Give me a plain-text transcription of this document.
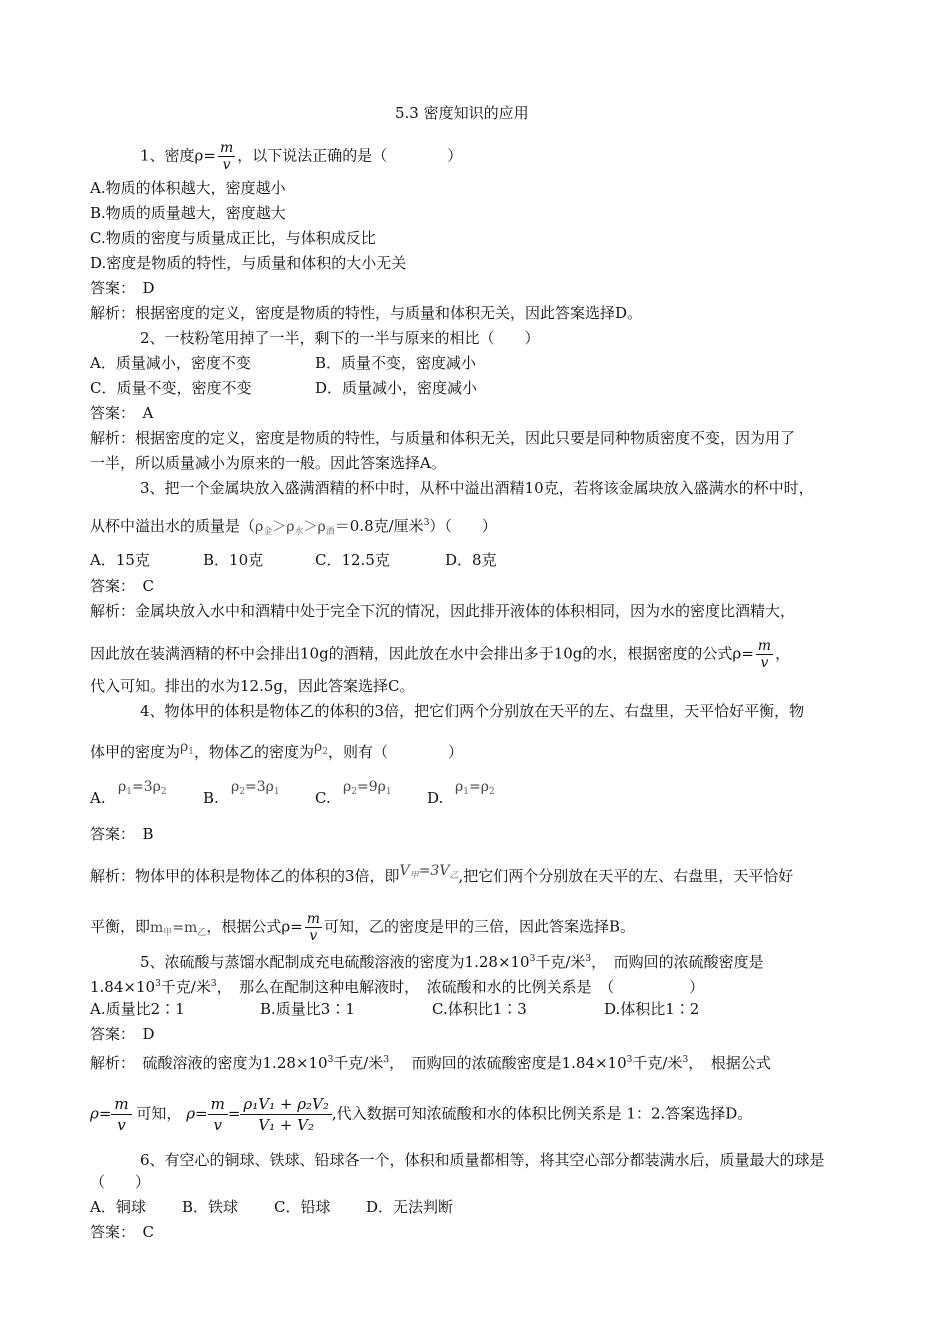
5.3 密度知识的应用
1、密度$\rho= \frac{m}{v}$ ，以下说法正确的是（　　　　）
A.物质的体积越大，密度越小
B.物质的质量越大，密度越大
C.物质的密度与质量成正比，与体积成反比
D.密度是物质的特性，与质量和体积的大小无关
答案：　D
解析：根据密度的定义，密度是物质的特性，与质量和体积无关，因此答案选择D。
2、一枝粉笔用掉了一半，剩下的一半与原来的相比（　　）
A．质量减小，密度不变	B．质量不变，密度减小
C．质量不变，密度不变	D．质量减小，密度减小
答案：　A
解析：根据密度的定义，密度是物质的特性，与质量和体积无关，因此只要是同种物质密度不变，因为用了
一半，所以质量减小为原来的一般。因此答案选择A。
3、把一个金属块放入盛满酒精的杯中时，从杯中溢出酒精10克，若将该金属块放入盛满水的杯中时，
从杯中溢出水的质量是（$\rho_金>\rho_水>\rho_酒=0.8$克/厘米$^3$）（　　）
A．15克	B．10克	C．12.5克	D．8克
答案：　C
解析：金属块放入水中和酒精中处于完全下沉的情况，因此排开液体的体积相同，因为水的密度比酒精大，
因此放在装满酒精的杯中会排出10g的酒精，因此放在水中会排出多于10g的水，根据密度的公式$\rho= \frac{m}{v}$ ，
代入可知。排出的水为12.5g，因此答案选择C。
4、物体甲的体积是物体乙的体积的3倍，把它们两个分别放在天平的左、右盘里，天平恰好平衡，物
体甲的密度为$\rho_1$，物体乙的密度为$\rho_2$，则有（　　　　）
A.
$\rho_1=3\rho_2$ B.
$\rho_2=3\rho_1$ C.
$\rho_2=9\rho_1$ D.
$\rho_1=\rho_2$
答案：　B
解析：物体甲的体积是物体乙的体积的3倍，即$V_甲=3V_乙$,把它们两个分别放在天平的左、右盘里，天平恰好
平衡，即$m_甲=m_乙$，根据公式$\rho= \frac{m}{v}$ 可知，乙的密度是甲的三倍，因此答案选择B。
5、浓硫酸与蒸馏水配制成充电硫酸溶液的密度为$1.28\times 10^3$千克/米$^3$，　而购回的浓硫酸密度是
$1.84\times 10^3$千克/米$^3$，　那么在配制这种电解液时，　浓硫酸和水的比例关系是　（　　　　　）
A.质量比2∶1	B.质量比3∶1	C.体积比1∶3	D.体积比1∶2
答案：　D
解析：　硫酸溶液的密度为$1.28\times 10^3$千克/米$^3$，　而购回的浓硫酸密度是$1.84\times 10^3$千克/米$^3$，　根据公式
$\rho= \frac{m}{v}$ 可知， $\rho= \frac{m}{v} = \frac{\text{ρ₁V₁ + ρ₂V₂}}{\text{V₁ + V₂}}$ ,代入数据可知浓硫酸和水的体积比例关系是 1：2.答案选择D。
6、有空心的铜球、铁球、铅球各一个，体积和质量都相等，将其空心部分都装满水后，质量最大的球是
（　　）
A．铜球 B．铁球 C．铅球 D．无法判断
答案：　C
